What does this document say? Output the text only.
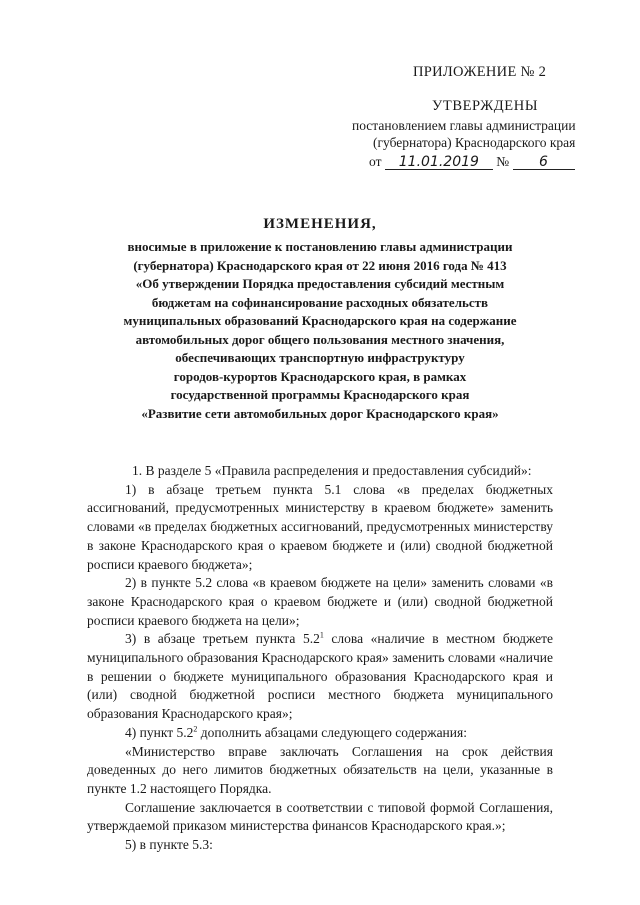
ПРИЛОЖЕНИЕ № 2
УТВЕРЖДЕНЫ
постановлением главы администрации
(губернатора) Краснодарского края
от 11.01.2019 № 6
ИЗМЕНЕНИЯ,
вносимые в приложение к постановлению главы администрации
(губернатора) Краснодарского края от 22 июня 2016 года № 413
«Об утверждении Порядка предоставления субсидий местным
бюджетам на софинансирование расходных обязательств
муниципальных образований Краснодарского края на содержание
автомобильных дорог общего пользования местного значения,
обеспечивающих транспортную инфраструктуру
городов-курортов Краснодарского края, в рамках
государственной программы Краснодарского края
«Развитие сети автомобильных дорог Краснодарского края»

1. В разделе 5 «Правила распределения и предоставления субсидий»:

1) в абзаце третьем пункта 5.1 слова «в пределах бюджетных ассигнований, предусмотренных министерству в краевом бюджете» заменить словами «в пределах бюджетных ассигнований, предусмотренных министерству в законе Краснодарского края о краевом бюджете и (или) сводной бюджетной росписи краевого бюджета»;

2) в пункте 5.2 слова «в краевом бюджете на цели» заменить словами «в законе Краснодарского края о краевом бюджете и (или) сводной бюджетной росписи краевого бюджета на цели»;

3) в абзаце третьем пункта $5.2^1$ слова «наличие в местном бюджете муниципального образования Краснодарского края» заменить словами «наличие в решении о бюджете муниципального образования Краснодарского края и (или) сводной бюджетной росписи местного бюджета муниципального образования Краснодарского края»;

4) пункт $5.2^2$ дополнить абзацами следующего содержания:

«Министерство вправе заключать Соглашения на срок действия доведенных до него лимитов бюджетных обязательств на цели, указанные в пункте 1.2 настоящего Порядка.

Соглашение заключается в соответствии с типовой формой Соглашения, утверждаемой приказом министерства финансов Краснодарского края.»;

5) в пункте 5.3:
